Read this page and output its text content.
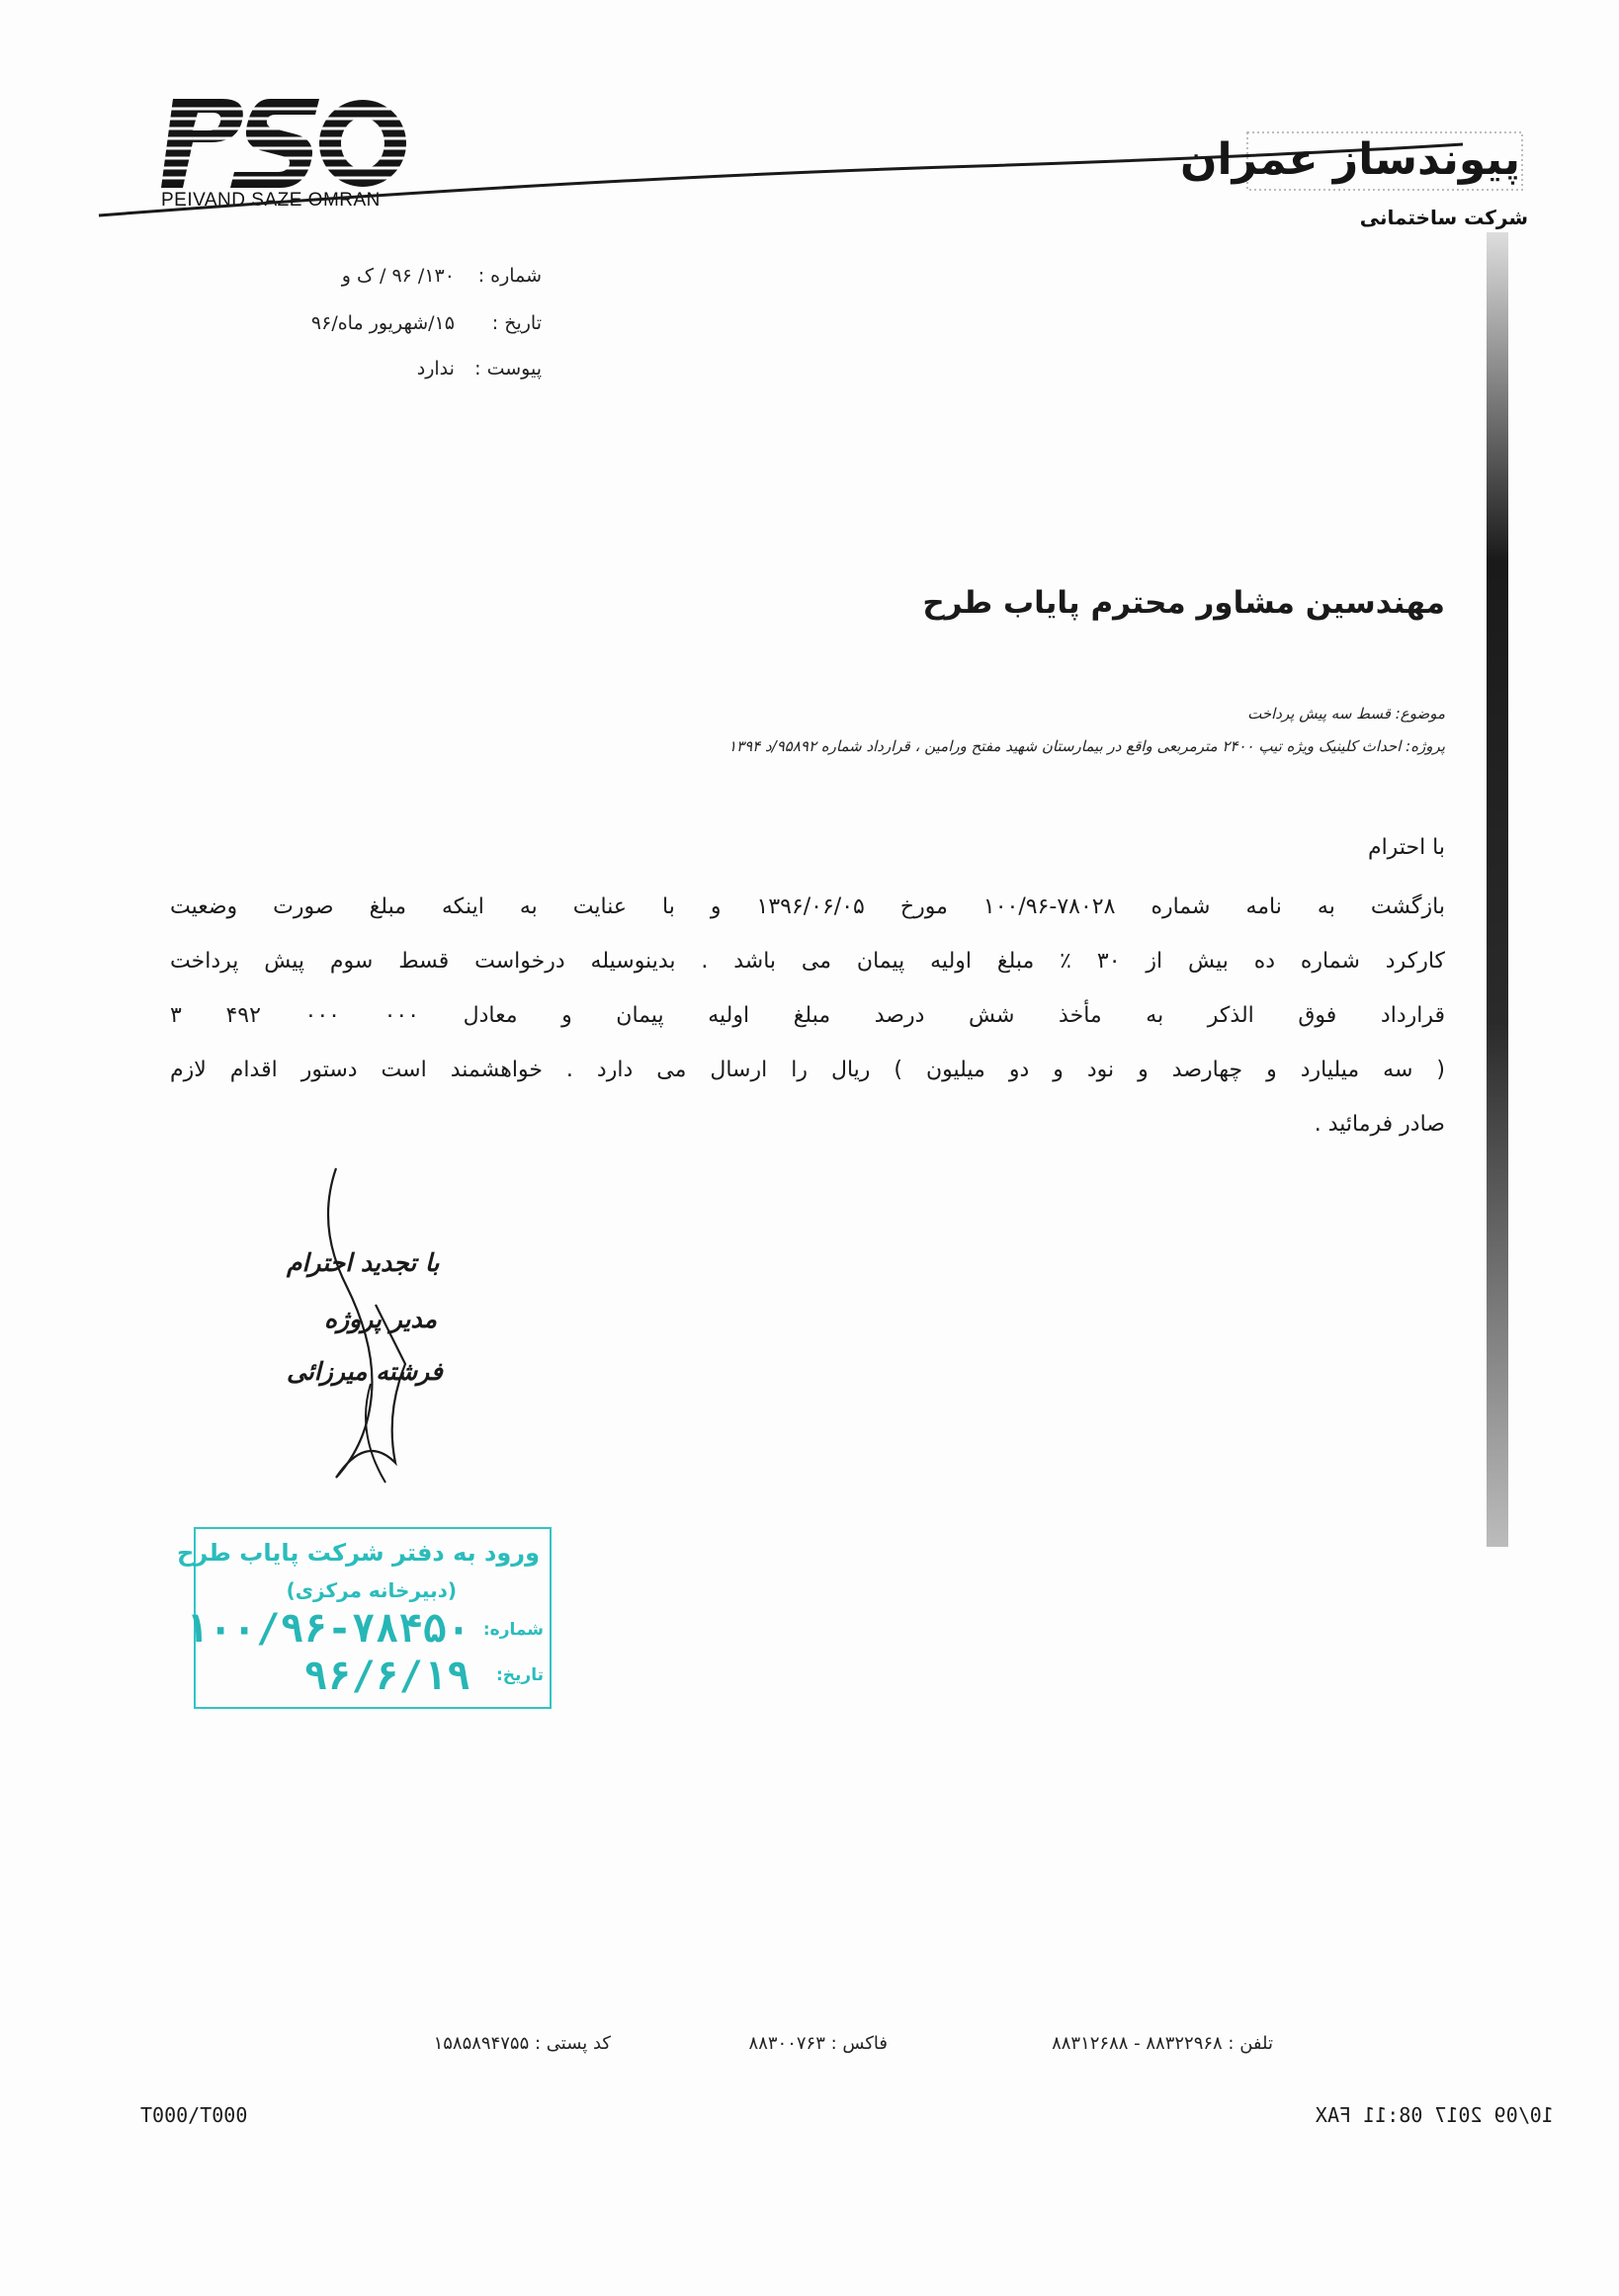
PEIVAND SAZE OMRAN
پیوندساز عمران
شرکت ساختمانی
شماره : ۱۳۰/ ۹۶ / ک و
تاریخ : ۱۵/شهریور ماه/۹۶
پیوست : ندارد
مهندسین مشاور محترم پایاب طرح
موضوع: قسط سه پیش پرداخت
پروژه: احداث کلینیک ویژه تیپ ۲۴۰۰ مترمربعی واقع در بیمارستان شهید مفتح ورامین ، قرارداد شماره ۹۵۸۹۲/د ۱۳۹۴
با احترام
بازگشت به نامه شماره ۷۸۰۲۸-۱۰۰/۹۶ مورخ ۱۳۹۶/۰۶/۰۵ و با عنایت به اینکه مبلغ صورت وضعیت
کارکرد شماره ده بیش از ۳۰ ٪ مبلغ اولیه پیمان می باشد . بدینوسیله درخواست قسط سوم پیش پرداخت
قرارداد فوق الذکر به مأخذ شش درصد مبلغ اولیه پیمان و معادل ۰۰۰ ۰۰۰ ۴۹۲ ۳
( سه میلیارد و چهارصد و نود و دو میلیون ) ریال را ارسال می دارد . خواهشمند است دستور اقدام لازم
صادر فرمائید .
با تجدید احترام
مدیر پروژه
فرشته میرزائی
ورود به دفتر شرکت پایاب طرح
(دبیرخانه مرکزی)
شماره:
۱۰۰/۹۶-۷۸۴۵۰
تاریخ:
۹۶/۶/۱۹
تلفن : ۸۸۳۲۲۹۶۸ - ۸۸۳۱۲۶۸۸
فاکس : ۸۸۳۰۰۷۶۳
کد پستی : ۱۵۸۵۸۹۴۷۵۵
T000/T000	10/09 2017 08:11 FAX
